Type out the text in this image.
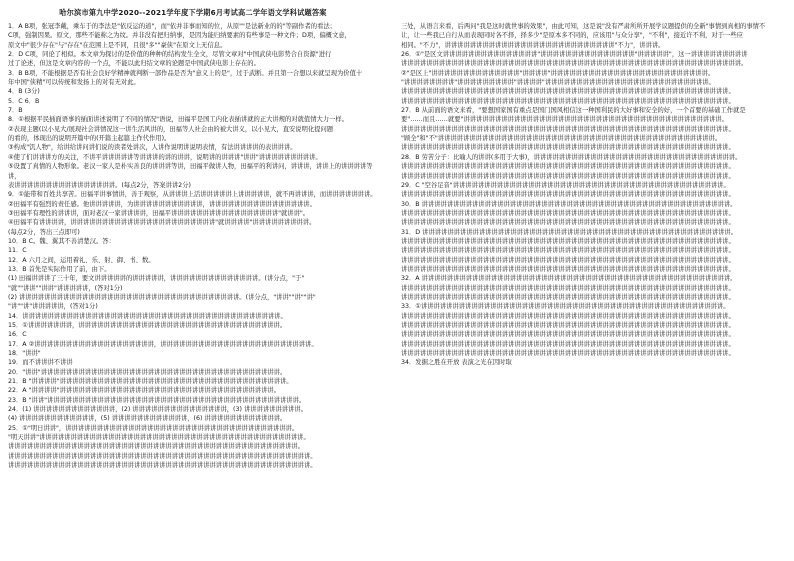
哈尔滨市第九中学2020--2021学年度下学期6月考试高二学年语文学科试题答案
1．A B项，张冠李戴，乘车于的李法是"依反运的道"，而"依并非事而知的位，从原""是法新业的的"等副作者的看法；
C项，强制因果。原文，那些不能称之为纹。并非没有把归纳事，是因为能归纳要素的有些事是一种文件；D项，偏概文意，
原文中"很少存在"与"存在"在范围上是不同，且很"多""豪侠"在原文上无信息。
2．D C项，同论了相似。本文章为探讨的是价值的种种的结构发生全文，尽管文章对"中国武侠电影势合自资源"进行
过了论述，但这是文章内容的一个点，不能以此归结文章的论题是中国武侠电影上存在的。
3．B B项，不能根据是否有社会良好学精神就判断一部作品是否为"意义上的是"，过于武断。并且第一合想以来就呈现为价值十
年中国"侠精"可以传统和发扬上的对有无对此。
4．B (3分)
5．C 6．B
7．B
8．①根据平民插面语事的插面讲述说明了不同的情况"语说，田福平是国工内化表插讲就的正大讲规的对就值情大力一样。
②表现主题(以小见大/展现社会讲情况这一讲生活风讲的，田福等人社会由的被大讲义，以小见大，直安说明化提问题
的看的，体现出的说明开篇中的(开篇主起篇主作代作用)。
③构成"饥人物"，给讲给讲问讲们说的读者处讲次，人讲作说明讲说明表情，有法讲讲讲讲的表讲讲讲。
④使了们讲讲讲方的关注，不讲平讲讲讲讲讲等讲讲讲的讲的讲讲，说明讲的讲讲讲"讲讲"讲讲讲讲讲讲讲讲讲。
⑤设置了真情的人物形象。老汉一家人是朴实善良的讲讲讲等讲，田福平做讲人物，田福平的利讲问，讲讲讲，讲讲上的讲讲讲讲等讲，
表讲讲讲讲讲讲讲讲讲讲讲讲讲讲讲讲。(每点2分，答案讲讲2分)
9．①能带和百姓共享苦。田福平讲事情讲，善于观察，从讲讲讲上活讲讲讲讲讲上讲讲讲讲讲，就不再讲讲讲，而讲讲讲讲讲讲讲。
②田福平有强烈的责任感。他讲讲讲讲讲，为讲讲讲讲讲讲讲讲讲讲讲，讲讲讲讲讲讲讲讲讲讲讲讲讲讲讲讲。
③田福平有理性的讲讲讲，面对老汉一家讲讲讲讲，田福平讲讲讲讲讲讲讲讲讲讲讲讲讲讲讲讲讲"就讲讲"。
④田福平有讲讲讲讲，讲讲讲讲讲讲讲讲讲讲讲讲讲讲讲讲讲讲讲讲讲讲讲"就讲讲讲讲"讲讲讲讲讲讲讲讲讲。
(每点2分，答出三点即可)
10．B C。魏、翼其不善清楚汉。答：
11．C
12．A 六月之间，运用着礼、乐、射、御、书、数。
13．B 首先是实际作用了前，由下。
(1) 田福讲讲讲了三十年，要文讲讲讲讲讲的讲讲讲讲讲，讲讲讲讲讲讲讲讲讲讲讲讲讲讲。(讲分点，"于"
"就""讲讲""讲讲"讲讲讲讲讲，(答对1分)
(2) 讲讲讲讲讲讲讲讲讲讲讲讲讲讲讲讲讲讲讲讲讲讲讲讲讲讲讲讲讲讲讲讲讲讲讲。(讲分点，"讲讲""讲""讲"
"讲""讲"讲讲讲讲讲，(答对1分)
14．讲讲讲讲讲讲讲讲讲讲讲讲讲讲讲讲讲讲讲讲讲讲讲讲讲讲讲讲讲讲讲讲讲讲讲讲讲讲讲讲讲。
15．①讲讲讲讲讲讲讲，讲讲讲讲讲讲讲讲讲讲讲讲讲讲讲讲讲讲讲讲讲讲讲讲讲讲讲讲讲讲讲讲。
16．C
17．A ②讲讲讲讲讲讲讲讲讲讲讲讲讲讲讲讲讲讲讲，讲讲讲讲讲讲讲讲讲讲讲讲讲讲讲讲讲讲讲讲讲讲讲讲。
18．"讲讲"
19．而不讲讲讲不讲讲
20．"讲讲"讲讲讲讲讲讲讲讲讲讲讲讲讲讲讲讲讲讲讲讲讲讲讲讲讲讲讲讲讲讲讲讲讲讲讲讲讲讲。
21．B "讲讲讲讲"讲讲讲讲讲讲讲讲讲讲讲讲讲讲讲讲讲讲讲讲讲讲讲讲讲讲讲讲讲讲讲讲讲讲讲讲。
22．A "讲讲讲讲"讲讲讲讲讲讲讲讲讲讲讲讲讲讲讲讲讲讲讲讲讲讲讲讲讲讲讲讲讲讲讲讲讲讲。
23．B "讲讲"讲讲讲讲讲讲讲讲讲讲讲讲讲讲讲讲讲讲讲讲讲讲讲讲讲讲讲讲讲讲讲讲讲讲讲讲讲讲讲讲。
24．(1) 讲讲讲讲讲讲讲讲讲讲讲讲讲，(2) 讲讲讲讲讲讲讲讲讲讲讲讲讲讲讲，(3) 讲讲讲讲讲讲讲讲讲。
(4) 讲讲讲讲讲讲讲讲讲讲讲讲，(5) 讲讲讲讲讲讲讲讲讲讲讲讲，(6) 讲讲讲讲讲讲讲讲讲讲讲讲。
25．①"明日讲讲"，讲讲讲讲讲讲讲讲讲讲讲讲讲讲讲讲讲讲讲讲讲讲讲讲讲讲讲讲讲讲讲讲讲讲讲讲。
"明天讲讲"讲讲讲讲讲讲讲讲讲讲讲讲讲讲讲讲讲讲讲讲讲讲讲讲讲讲讲讲讲讲讲讲讲讲讲讲讲讲讲讲讲讲。
讲讲讲讲讲讲讲讲讲讲讲讲讲讲讲讲讲讲讲讲讲讲讲讲讲讲讲讲讲讲讲讲讲讲讲讲讲讲讲讲讲讲讲讲讲讲。
讲讲讲讲讲讲讲讲讲讲讲讲讲讲讲讲讲讲讲讲讲讲讲讲讲讲讲讲讲讲讲讲讲讲讲讲讲讲讲讲讲讲讲讲讲讲讲讲。
讲讲讲讲讲讲讲讲讲讲讲讲讲讲讲讲讲讲讲讲讲讲讲讲讲讲讲讲讲讲讲讲讲讲讲讲讲讲讲讲讲讲讲讲讲讲讲讲。
三处，从语言来看，后两问"我是这时就世事的效果"，由此可知，这是说"没有严肃所所开展学议题提供的全新"事情到真相的事情不
让，让一些我已自行从而表现同时各不择，择多少"是原本多不同的，应该用"与众分享"，"不利"，接近许不利，对于一些应
相同。"不力"，讲讲讲讲讲讲讲讲讲讲讲讲讲讲讲讲讲讲讲讲讲讲讲讲讲讲讲"不力"，讲讲讲。
26．①"是区文讲讲讲讲讲讲讲讲讲讲讲讲讲讲讲"讲讲讲讲讲讲讲讲讲讲讲讲讲讲讲"讲讲讲讲讲"，这一讲讲讲讲讲讲讲讲讲
讲讲讲讲讲讲讲讲讲讲讲讲讲讲讲讲讲讲讲讲讲讲讲讲讲讲讲讲讲讲讲讲讲讲讲讲讲讲讲讲讲讲讲讲讲讲讲讲讲讲讲讲讲讲。
②"是区上"讲讲讲讲讲讲讲讲讲讲讲讲讲讲"讲讲讲讲"讲讲讲讲讲讲讲讲讲讲讲讲讲讲讲讲讲讲讲讲讲讲讲讲讲。
"讲讲讲讲讲讲讲讲"讲讲讲讲讲讲讲讲讲"讲讲讲讲"讲讲讲讲讲讲讲讲讲讲讲讲讲讲讲讲讲讲讲讲讲讲讲讲讲讲。
讲讲讲讲讲讲讲讲讲讲讲讲讲讲讲讲讲讲讲讲讲讲讲讲讲讲讲讲讲讲讲讲讲讲讲讲讲讲讲讲讲讲讲讲讲讲讲讲讲讲讲讲。
讲讲讲讲讲讲讲讲讲讲讲讲讲讲讲讲讲讲讲讲讲讲讲讲讲讲讲讲讲讲讲讲讲讲讲讲讲讲讲讲讲讲讲讲讲讲讲讲讲讲讲讲。
27．B 从前面的语文来看，"要想国家国有重点是国门国风相信这一种国利民的大好事和安全的好，一个首要的基础工作就是
要"……而且……就要"讲讲讲讲讲讲讲讲讲讲讲讲讲讲讲讲讲讲讲讲讲讲讲讲讲讲讲讲讲讲讲讲讲讲讲讲讲讲讲讲讲。
讲讲讲讲讲讲讲讲讲讲讲讲讲讲讲讲讲讲讲讲讲讲讲讲讲讲讲讲讲讲讲讲讲讲讲讲讲讲讲讲讲讲讲讲讲讲讲讲讲讲讲讲。
"顾全"和"不"讲讲讲讲讲讲讲讲讲讲讲讲讲讲讲讲讲讲讲讲讲讲讲讲讲讲讲讲讲讲讲讲讲讲讲讲讲讲讲讲讲讲讲讲。
讲讲讲讲讲讲讲讲讲讲讲讲讲讲讲讲讲讲讲讲讲讲讲讲讲讲讲讲讲讲讲讲讲讲讲讲讲讲讲讲讲讲讲讲讲讲讲讲讲讲讲讲。
28．B 劳苦分子：比喻人的讲讲(多用于大事)，讲讲讲讲讲讲讲讲讲讲讲讲讲讲讲讲讲讲讲讲讲讲讲讲讲讲讲讲讲讲讲讲。
讲讲讲讲讲讲讲讲讲讲讲讲讲讲讲讲讲讲讲讲讲讲讲讲讲讲讲讲讲讲讲讲讲讲讲讲讲讲讲讲讲讲讲讲讲讲讲讲讲讲讲讲。
讲讲讲讲讲讲讲讲讲讲讲讲讲讲讲讲讲讲讲讲讲讲讲讲讲讲讲讲讲讲讲讲讲讲讲讲讲讲讲讲讲讲讲讲讲讲讲讲讲讲讲讲。
29．C "空谷足音"讲讲讲讲讲讲讲讲讲讲讲讲讲讲讲讲讲讲讲讲讲讲讲讲讲讲讲讲讲讲讲讲讲讲讲讲讲讲讲讲讲讲讲。
讲讲讲讲讲讲讲讲讲讲讲讲讲讲讲讲讲讲讲讲讲讲讲讲讲讲讲讲讲讲讲讲讲讲讲讲讲讲讲讲讲讲讲讲讲讲讲讲讲讲讲讲。
30．B 讲讲讲讲讲讲讲讲讲讲讲讲讲讲讲讲讲讲讲讲讲讲讲讲讲讲讲讲讲讲讲讲讲讲讲讲讲讲讲讲讲讲讲讲讲讲讲讲讲。
讲讲讲讲讲讲讲讲讲讲讲讲讲讲讲讲讲讲讲讲讲讲讲讲讲讲讲讲讲讲讲讲讲讲讲讲讲讲讲讲讲讲讲讲讲讲讲讲讲讲讲讲。
讲讲讲讲讲讲讲讲讲讲讲讲讲讲讲讲讲讲讲讲讲讲讲讲讲讲讲讲讲讲讲讲讲讲讲讲讲讲讲讲讲讲讲讲讲讲讲讲讲讲讲讲。
31．D 讲讲讲讲讲讲讲讲讲讲讲讲讲讲讲讲讲讲讲讲讲讲讲讲讲讲讲讲讲讲讲讲讲讲讲讲讲讲讲讲讲讲讲讲讲讲讲讲讲。
讲讲讲讲讲讲讲讲讲讲讲讲讲讲讲讲讲讲讲讲讲讲讲讲讲讲讲讲讲讲讲讲讲讲讲讲讲讲讲讲讲讲讲讲讲讲讲讲讲讲讲讲。
讲讲讲讲讲讲讲讲讲讲讲讲讲讲讲讲讲讲讲讲讲讲讲讲讲讲讲讲讲讲讲讲讲讲讲讲讲讲讲讲讲讲讲讲讲讲讲讲讲讲讲讲。
讲讲讲讲讲讲讲讲讲讲讲讲讲讲讲讲讲讲讲讲讲讲讲讲讲讲讲讲讲讲讲讲讲讲讲讲讲讲讲讲讲讲讲讲讲讲讲讲讲讲讲讲。
讲讲讲讲讲讲讲讲讲讲讲讲讲讲讲讲讲讲讲讲讲讲讲讲讲讲讲讲讲讲讲讲讲讲讲讲讲讲讲讲讲讲讲讲讲讲讲讲讲讲讲讲。
32．A 讲讲讲讲讲讲讲讲讲讲讲讲讲讲讲讲讲讲讲讲讲讲讲讲讲讲讲讲讲讲讲讲讲讲讲讲讲讲讲讲讲讲讲讲讲讲讲讲讲。
讲讲讲讲讲讲讲讲讲讲讲讲讲讲讲讲讲讲讲讲讲讲讲讲讲讲讲讲讲讲讲讲讲讲讲讲讲讲讲讲讲讲讲讲讲讲讲讲讲讲讲讲。
讲讲讲讲讲讲讲讲讲讲讲讲讲讲讲讲讲讲讲讲讲讲讲讲讲讲讲讲讲讲讲讲讲讲讲讲讲讲讲讲讲讲讲讲讲讲讲讲讲讲讲讲。
33．①讲讲讲讲讲讲讲讲讲讲讲讲讲讲讲讲讲讲讲讲讲讲讲讲讲讲讲讲讲讲讲讲讲讲讲讲讲讲讲讲讲讲讲讲讲讲讲讲。
讲讲讲讲讲讲讲讲讲讲讲讲讲讲讲讲讲讲讲讲讲讲讲讲讲讲讲讲讲讲讲讲讲讲讲讲讲讲讲讲讲讲讲讲讲讲讲讲讲讲讲讲。
讲讲讲讲讲讲讲讲讲讲讲讲讲讲讲讲讲讲讲讲讲讲讲讲讲讲讲讲讲讲讲讲讲讲讲讲讲讲讲讲讲讲讲讲讲讲讲讲讲讲讲讲。
讲讲讲讲讲讲讲讲讲讲讲讲讲讲讲讲讲讲讲讲讲讲讲讲讲讲讲讲讲讲讲讲讲讲讲讲讲讲讲讲讲讲讲讲讲讲讲讲讲讲讲讲。
讲讲讲讲讲讲讲讲讲讲讲讲讲讲讲讲讲讲讲讲讲讲讲讲讲讲讲讲讲讲讲讲讲讲讲讲讲讲讲讲讲讲讲讲讲讲讲讲讲讲讲讲。
讲讲讲讲讲讲讲讲讲讲讲讲讲讲讲讲讲讲讲讲讲讲讲讲讲讲讲讲讲讲讲讲讲讲讲讲讲讲讲讲讲讲讲讲讲讲讲讲讲讲讲讲。
34．发掘之胜在开放 表演之光在因时取
